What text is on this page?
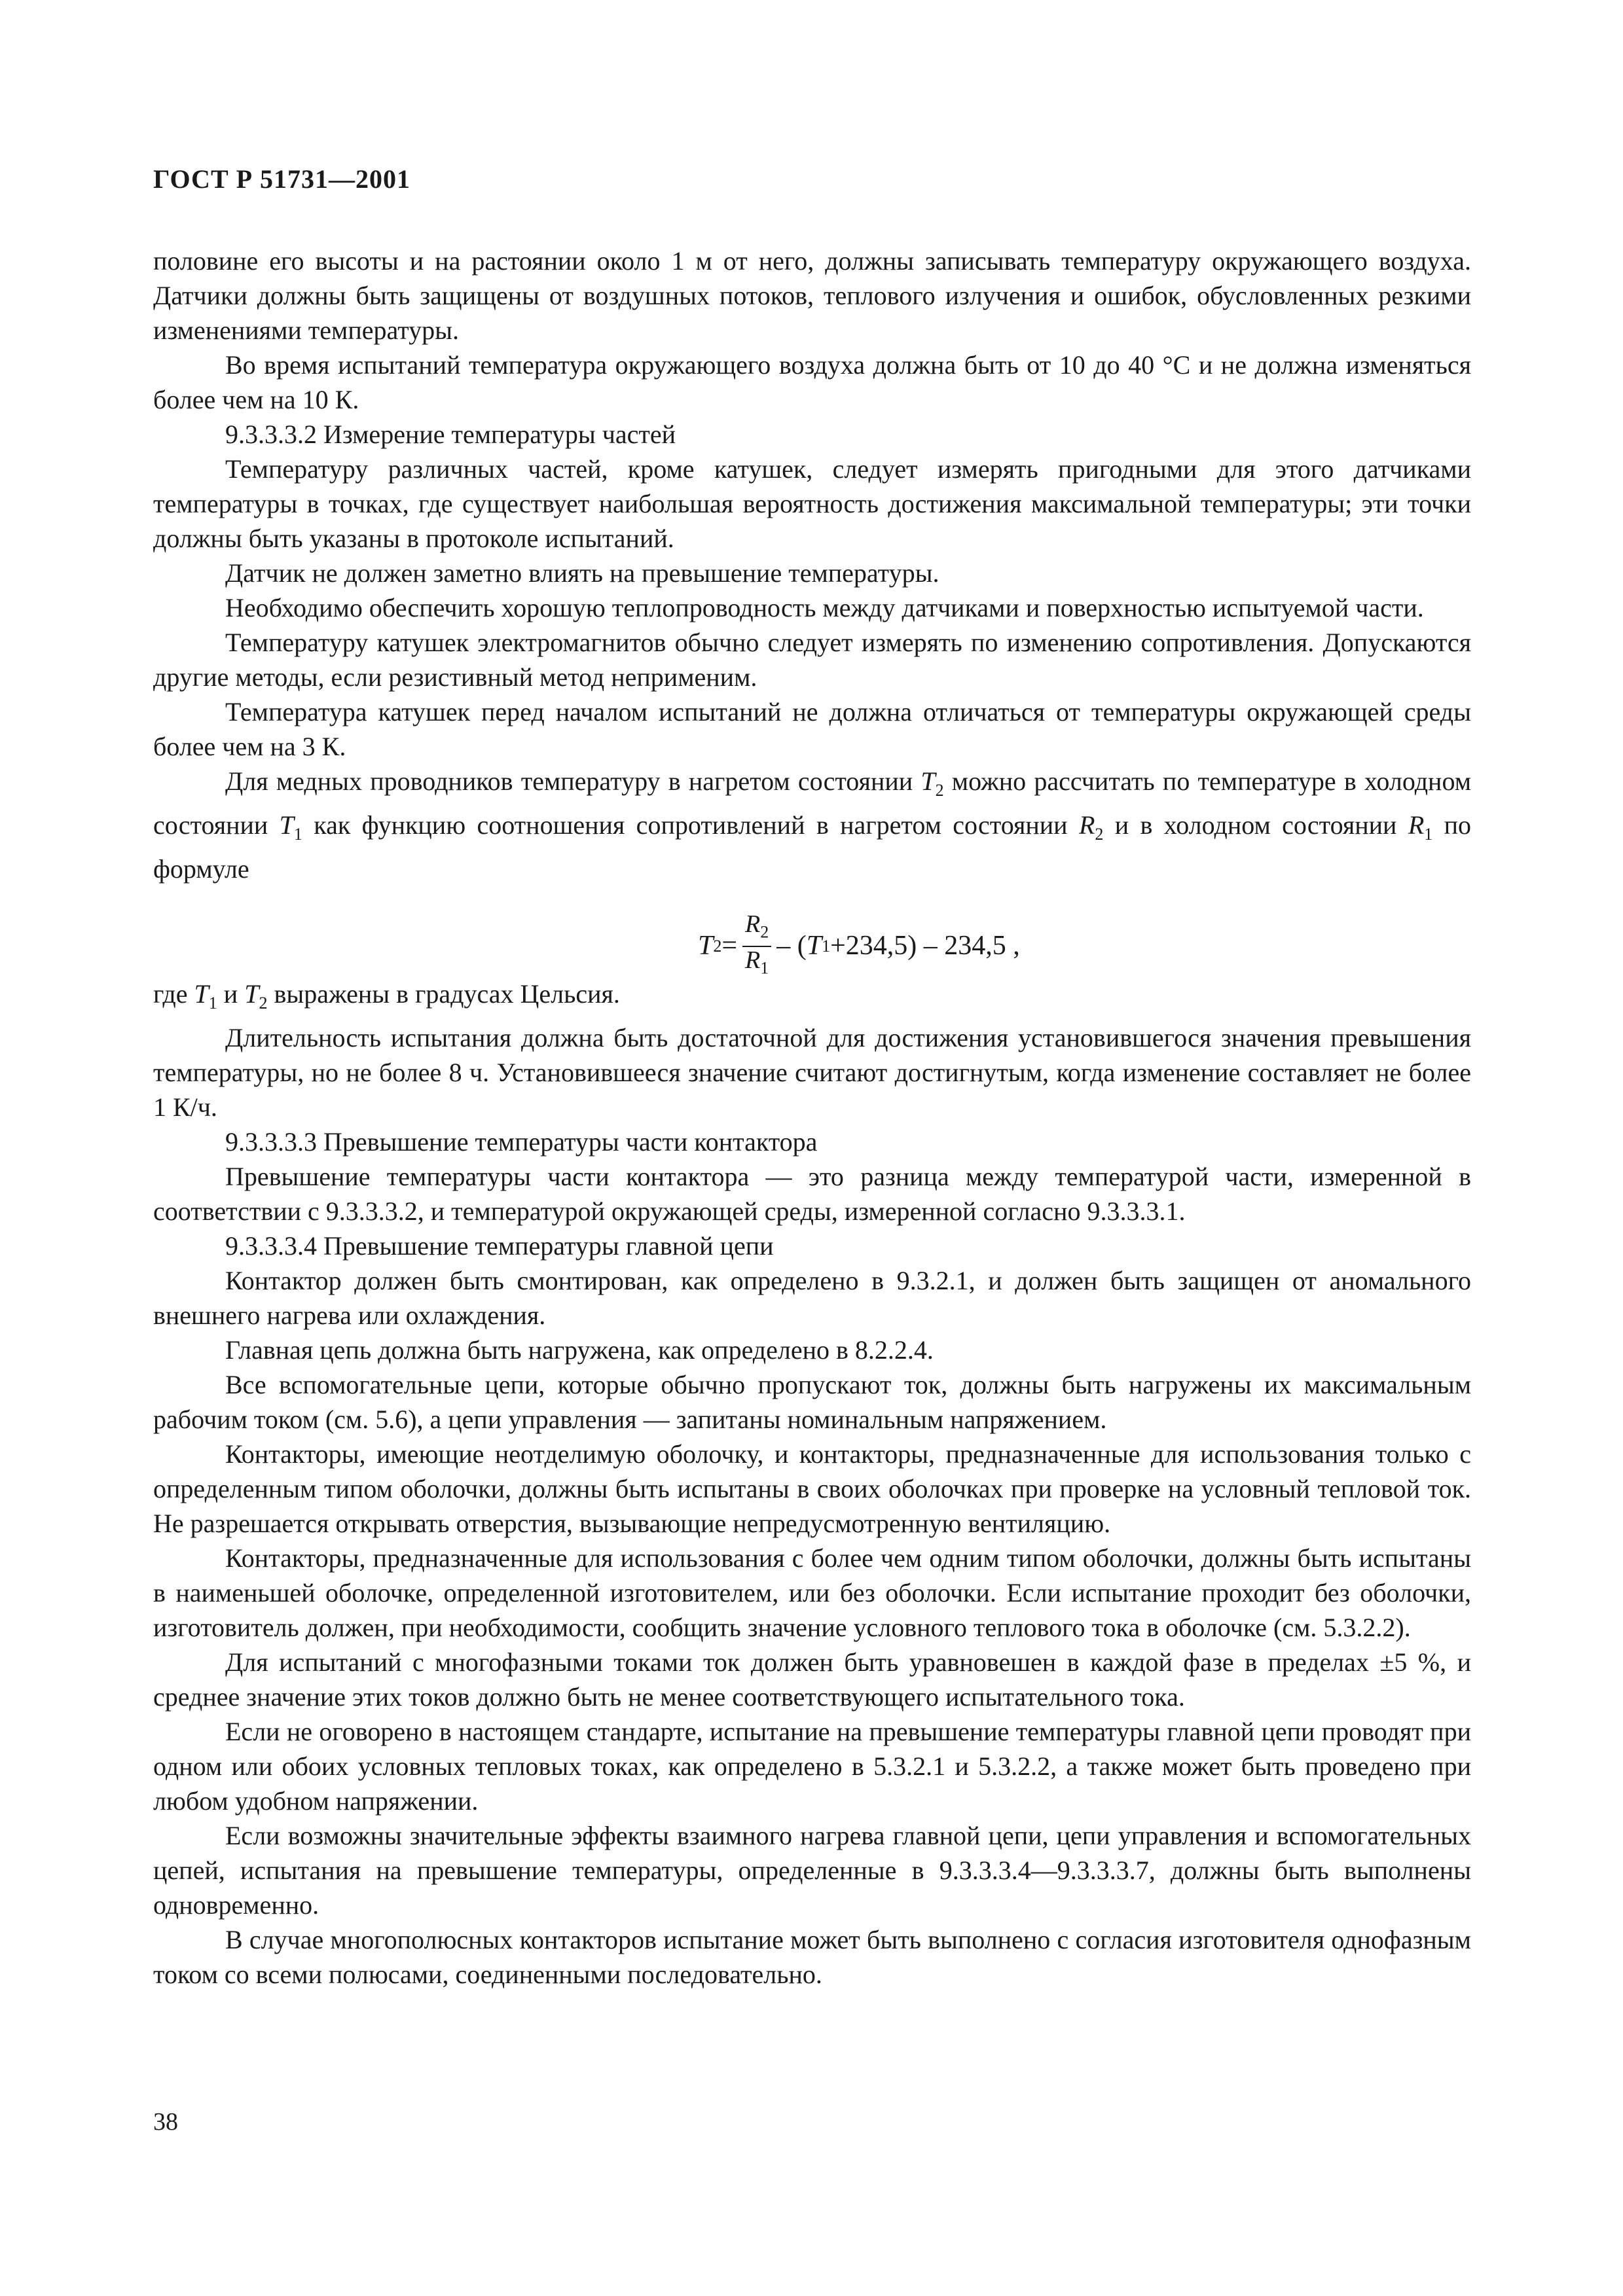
ГОСТ Р 51731—2001

половине его высоты и на растоянии около 1 м от него, должны записывать температуру окружающего воздуха. Датчики должны быть защищены от воздушных потоков, теплового излучения и ошибок, обусловленных резкими изменениями температуры.

Во время испытаний температура окружающего воздуха должна быть от 10 до 40 °С и не должна изменяться более чем на 10 К.

9.3.3.3.2 Измерение температуры частей

Температуру различных частей, кроме катушек, следует измерять пригодными для этого датчиками температуры в точках, где существует наибольшая вероятность достижения максимальной температуры; эти точки должны быть указаны в протоколе испытаний.

Датчик не должен заметно влиять на превышение температуры.

Необходимо обеспечить хорошую теплопроводность между датчиками и поверхностью испытуемой части.

Температуру катушек электромагнитов обычно следует измерять по изменению сопротивления. Допускаются другие методы, если резистивный метод неприменим.

Температура катушек перед началом испытаний не должна отличаться от температуры окружающей среды более чем на 3 К.

Для медных проводников температуру в нагретом состоянии $T_2$ можно рассчитать по температуре в холодном состоянии $T_1$ как функцию соотношения сопротивлений в нагретом состоянии $R_2$ и в холодном состоянии $R_1$ по формуле

T $2 = \frac{R_2}{R_1}$ – ( T 1 +234,5) – 234,5 ,

где $T_1$ и $T_2$ выражены в градусах Цельсия.

Длительность испытания должна быть достаточной для достижения установившегося значения превышения температуры, но не более 8 ч. Установившееся значение считают достигнутым, когда изменение составляет не более 1 К/ч.

9.3.3.3.3 Превышение температуры части контактора

Превышение температуры части контактора — это разница между температурой части, измеренной в соответствии с 9.3.3.3.2, и температурой окружающей среды, измеренной согласно 9.3.3.3.1.

9.3.3.3.4 Превышение температуры главной цепи

Контактор должен быть смонтирован, как определено в 9.3.2.1, и должен быть защищен от аномального внешнего нагрева или охлаждения.

Главная цепь должна быть нагружена, как определено в 8.2.2.4.

Все вспомогательные цепи, которые обычно пропускают ток, должны быть нагружены их максимальным рабочим током (см. 5.6), а цепи управления — запитаны номинальным напряжением.

Контакторы, имеющие неотделимую оболочку, и контакторы, предназначенные для использования только с определенным типом оболочки, должны быть испытаны в своих оболочках при проверке на условный тепловой ток. Не разрешается открывать отверстия, вызывающие непредусмотренную вентиляцию.

Контакторы, предназначенные для использования с более чем одним типом оболочки, должны быть испытаны в наименьшей оболочке, определенной изготовителем, или без оболочки. Если испытание проходит без оболочки, изготовитель должен, при необходимости, сообщить значение условного теплового тока в оболочке (см. 5.3.2.2).

Для испытаний с многофазными токами ток должен быть уравновешен в каждой фазе в пределах ±5 %, и среднее значение этих токов должно быть не менее соответствующего испытательного тока.

Если не оговорено в настоящем стандарте, испытание на превышение температуры главной цепи проводят при одном или обоих условных тепловых токах, как определено в 5.3.2.1 и 5.3.2.2, а также может быть проведено при любом удобном напряжении.

Если возможны значительные эффекты взаимного нагрева главной цепи, цепи управления и вспомогательных цепей, испытания на превышение температуры, определенные в 9.3.3.3.4—9.3.3.3.7, должны быть выполнены одновременно.

В случае многополюсных контакторов испытание может быть выполнено с согласия изготовителя однофазным током со всеми полюсами, соединенными последовательно.

38
